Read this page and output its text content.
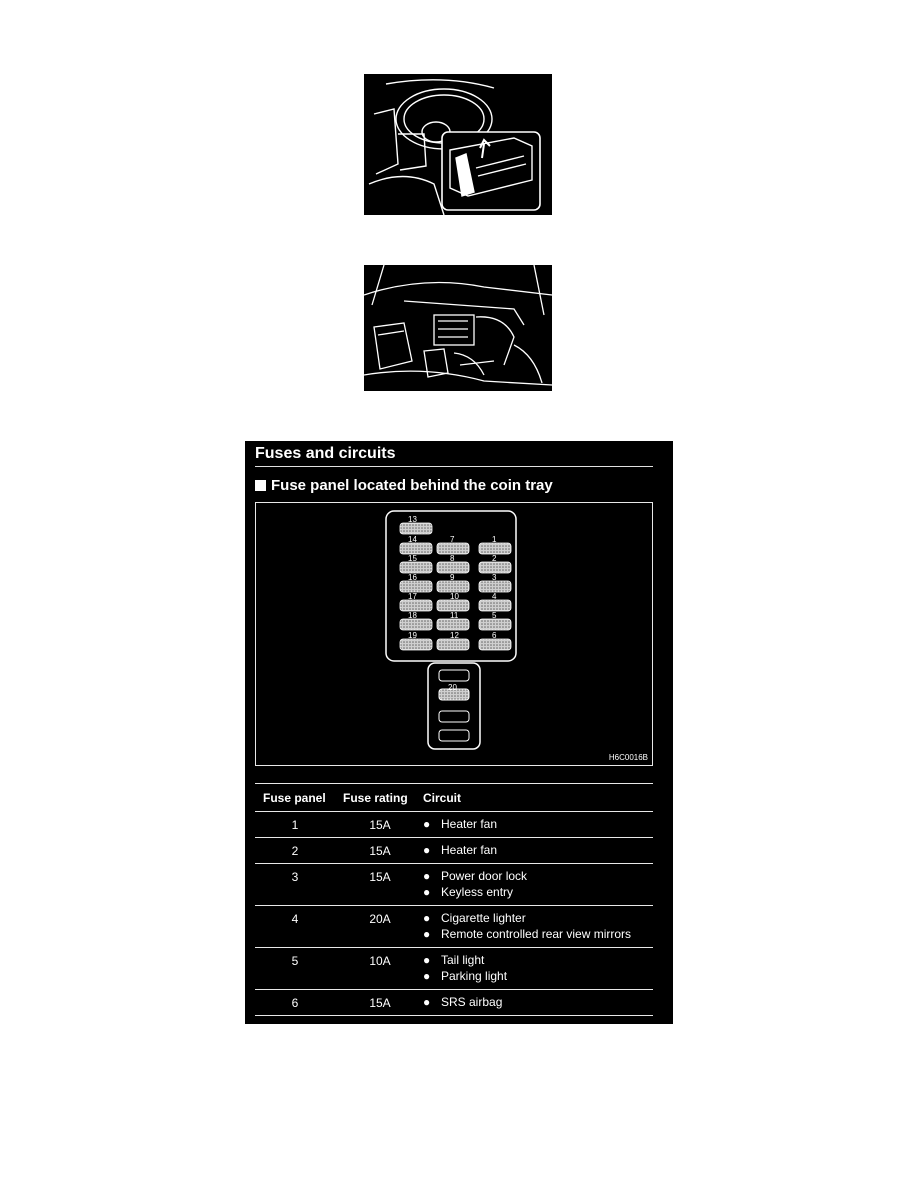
Fuses and circuits
Fuse panel located behind the coin tray
13
14	7	1
15	8	2
16	9	3
17	10	4
18	11	5
19	12	6
20
H6C0016B
Fuse panel Fuse rating Circuit
1	15A	● Heater fan
2	15A	● Heater fan
3	15A	● Power door lock
● Keyless entry
4	20A	● Cigarette lighter
● Remote controlled rear view mirrors
5	10A	● Tail light
● Parking light
6	15A	● SRS airbag
